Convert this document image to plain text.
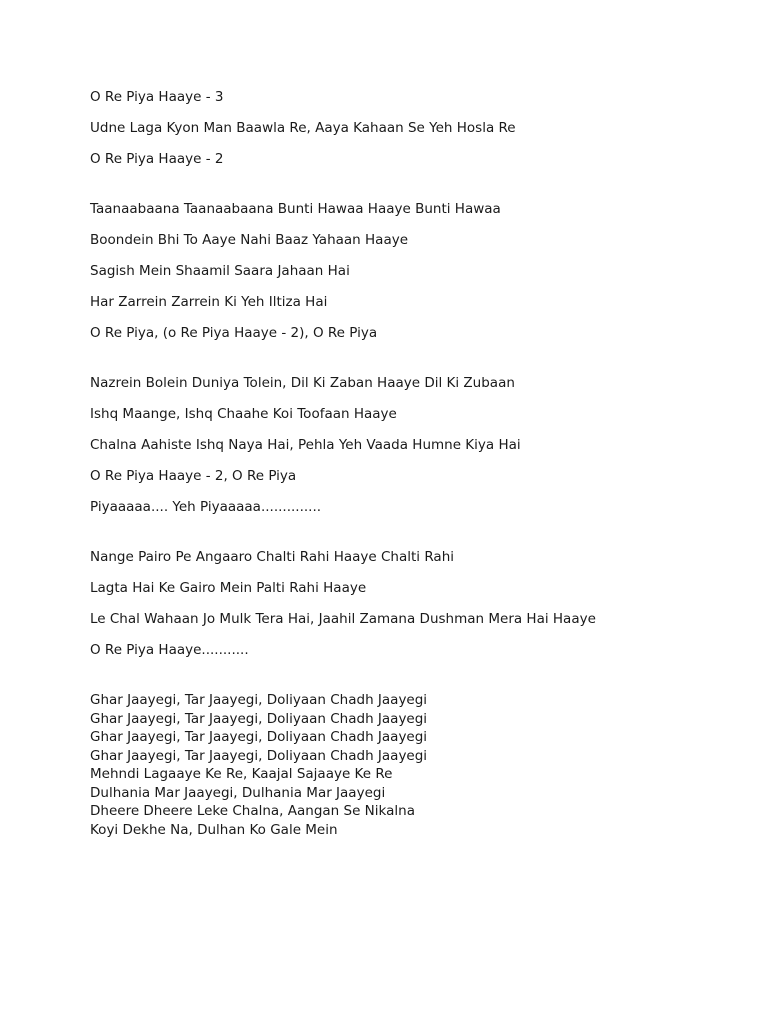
O Re Piya Haaye - 3
Udne Laga Kyon Man Baawla Re, Aaya Kahaan Se Yeh Hosla Re
O Re Piya Haaye - 2
Taanaabaana Taanaabaana Bunti Hawaa Haaye Bunti Hawaa
Boondein Bhi To Aaye Nahi Baaz Yahaan Haaye
Sagish Mein Shaamil Saara Jahaan Hai
Har Zarrein Zarrein Ki Yeh Iltiza Hai
O Re Piya, (o Re Piya Haaye - 2), O Re Piya
Nazrein Bolein Duniya Tolein, Dil Ki Zaban Haaye Dil Ki Zubaan
Ishq Maange, Ishq Chaahe Koi Toofaan Haaye
Chalna Aahiste Ishq Naya Hai, Pehla Yeh Vaada Humne Kiya Hai
O Re Piya Haaye - 2, O Re Piya
Piyaaaaa.... Yeh Piyaaaaa..............
Nange Pairo Pe Angaaro Chalti Rahi Haaye Chalti Rahi
Lagta Hai Ke Gairo Mein Palti Rahi Haaye
Le Chal Wahaan Jo Mulk Tera Hai, Jaahil Zamana Dushman Mera Hai Haaye
O Re Piya Haaye...........
Ghar Jaayegi, Tar Jaayegi, Doliyaan Chadh Jaayegi
Ghar Jaayegi, Tar Jaayegi, Doliyaan Chadh Jaayegi
Ghar Jaayegi, Tar Jaayegi, Doliyaan Chadh Jaayegi
Ghar Jaayegi, Tar Jaayegi, Doliyaan Chadh Jaayegi
Mehndi Lagaaye Ke Re, Kaajal Sajaaye Ke Re
Dulhania Mar Jaayegi, Dulhania Mar Jaayegi
Dheere Dheere Leke Chalna, Aangan Se Nikalna
Koyi Dekhe Na, Dulhan Ko Gale Mein
